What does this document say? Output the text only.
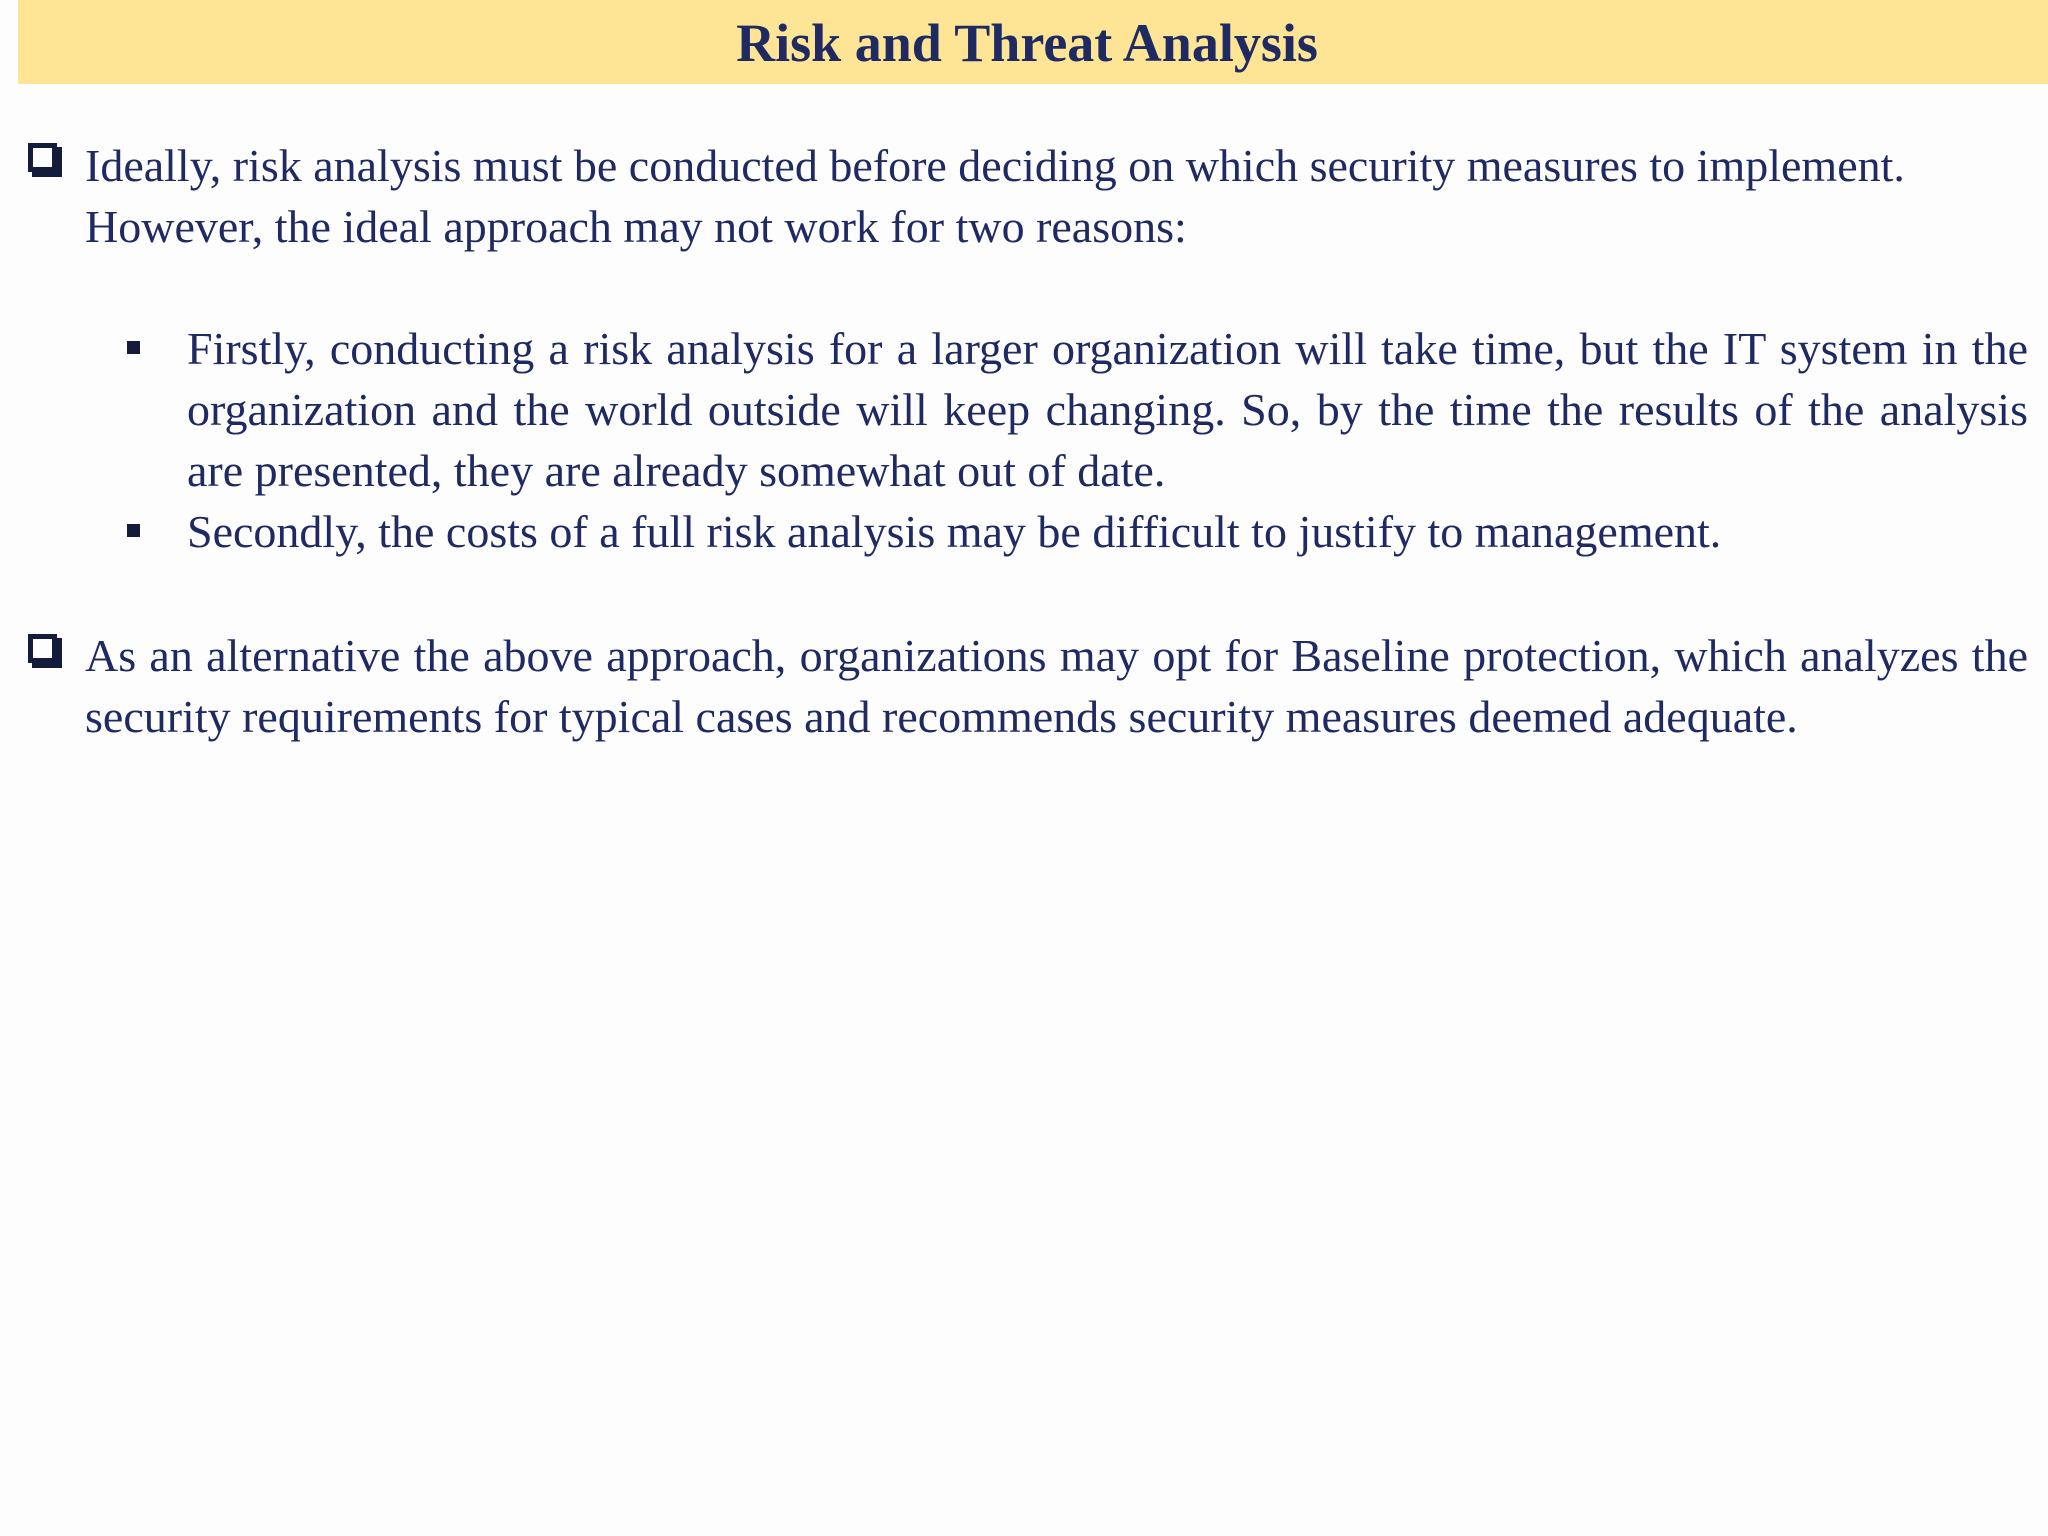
Risk and Threat Analysis

Ideally, risk analysis must be conducted before deciding on which security measures to implement. However, the ideal approach may not work for two reasons:

Firstly, conducting a risk analysis for a larger organization will take time, but the IT system in the organization and the world outside will keep changing. So, by the time the results of the analysis are presented, they are already somewhat out of date.

Secondly, the costs of a full risk analysis may be difficult to justify to management.

As an alternative the above approach, organizations may opt for Baseline protection, which analyzes the security requirements for typical cases and recommends security measures deemed adequate.
